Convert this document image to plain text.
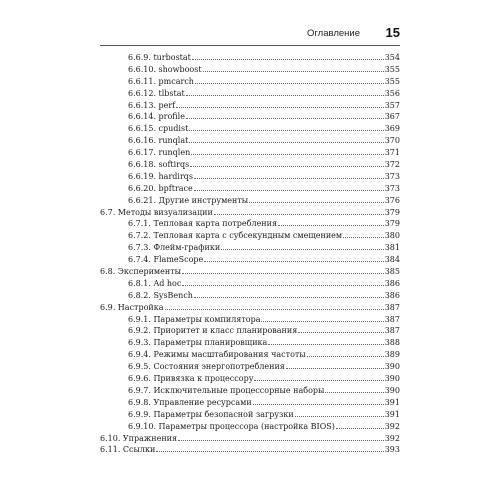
Оглавление 15
6.6.9. turbostat	354
6.6.10. showboost	355
6.6.11. pmcarch	355
6.6.12. tlbstat	356
6.6.13. perf	357
6.6.14. profile	367
6.6.15. cpudist	369
6.6.16. runqlat	370
6.6.17. runqlen	371
6.6.18. softirqs	372
6.6.19. hardirqs	373
6.6.20. bpftrace	373
6.6.21. Другие инструменты	376
6.7. Методы визуализации	379
6.7.1. Тепловая карта потребления	379
6.7.2. Тепловая карта с субсекундным смещением	380
6.7.3. Флейм-графики	381
6.7.4. FlameScope	384
6.8. Эксперименты	385
6.8.1. Ad hoc	386
6.8.2. SysBench	386
6.9. Настройка	387
6.9.1. Параметры компилятора	387
6.9.2. Приоритет и класс планирования	387
6.9.3. Параметры планировщика	388
6.9.4. Режимы масштабирования частоты	389
6.9.5. Состояния энергопотребления	390
6.9.6. Привязка к процессору	390
6.9.7. Исключительные процессорные наборы	390
6.9.8. Управление ресурсами	391
6.9.9. Параметры безопасной загрузки	391
6.9.10. Параметры процессора (настройка BIOS)	392
6.10. Упражнения	392
6.11. Ссылки	393
